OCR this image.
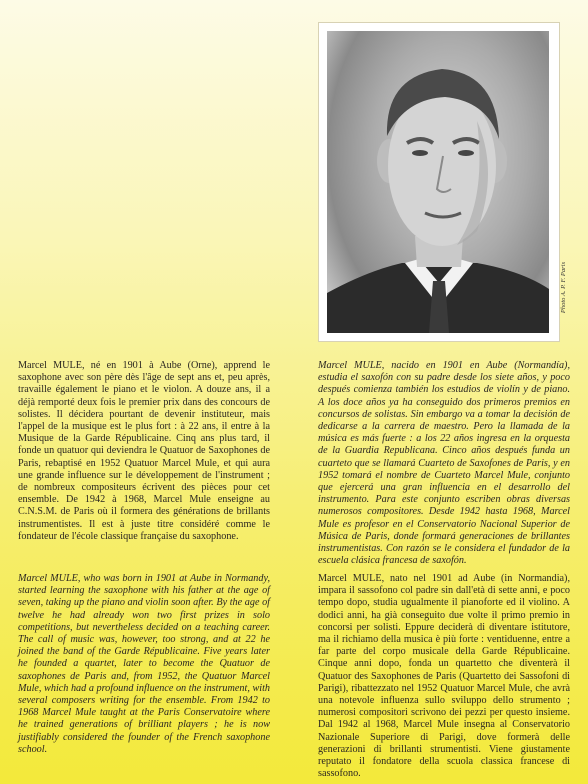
Photo A. P. F. Paris

Marcel MULE, né en 1901 à Aube (Orne), apprend le saxophone avec son père dès l'âge de sept ans et, peu après, travaille également le piano et le violon. A douze ans, il a déjà remporté deux fois le premier prix dans des concours de solistes. Il décidera pourtant de devenir instituteur, mais l'appel de la musique est le plus fort : à 22 ans, il entre à la Musique de la Garde Républicaine. Cinq ans plus tard, il fonde un quatuor qui deviendra le Quatuor de Saxophones de Paris, rebaptisé en 1952 Quatuor Marcel Mule, et qui aura une grande influence sur le développement de l'instrument ; de nombreux compositeurs écrivent des pièces pour cet ensemble. De 1942 à 1968, Marcel Mule enseigne au C.N.S.M. de Paris où il formera des générations de brillants instrumentistes. Il est à juste titre considéré comme le fondateur de l'école classique française du saxophone.

Marcel MULE, nacido en 1901 en Aube (Normandía), estudia el saxofón con su padre desde los siete años, y poco después comienza también los estudios de violín y de piano. A los doce años ya ha conseguido dos primeros premios en concursos de solistas. Sin embargo va a tomar la decisión de dedicarse a la carrera de maestro. Pero la llamada de la música es más fuerte : a los 22 años ingresa en la orquesta de la Guardia Republicana. Cinco años después funda un cuarteto que se llamará Cuarteto de Saxofones de Paris, y en 1952 tomará el nombre de Cuarteto Marcel Mule, conjunto que ejercerá una gran influencia en el desarrollo del instrumento. Para este conjunto escriben obras diversas numerosos compositores. Desde 1942 hasta 1968, Marcel Mule es profesor en el Conservatorio Nacional Superior de Música de Paris, donde formará generaciones de brillantes instrumentistas. Con razón se le considera el fundador de la escuela clásica francesa de saxofón.

Marcel MULE, who was born in 1901 at Aube in Normandy, started learning the saxophone with his father at the age of seven, taking up the piano and violin soon after. By the age of twelve he had already won two first prizes in solo competitions, but nevertheless decided on a teaching career. The call of music was, however, too strong, and at 22 he joined the band of the Garde Républicaine. Five years later he founded a quartet, later to become the Quatuor de saxophones de Paris and, from 1952, the Quatuor Marcel Mule, which had a profound influence on the instrument, with several composers writing for the ensemble. From 1942 to 1968 Marcel Mule taught at the Paris Conservatoire where he trained generations of brilliant players ; he is now justifiably considered the founder of the French saxophone school.

Marcel MULE, nato nel 1901 ad Aube (in Normandia), impara il sassofono col padre sin dall'età di sette anni, e poco tempo dopo, studia ugualmente il pianoforte ed il violino. A dodici anni, ha già conseguito due volte il primo premio in concorsi per solisti. Eppure deciderà di diventare istitutore, ma il richiamo della musica è più forte : ventiduenne, entre a far parte del corpo musicale della Garde Républicaine. Cinque anni dopo, fonda un quartetto che diventerà il Quatuor des Saxophones de Paris (Quartetto dei Sassofoni di Parigi), ribattezzato nel 1952 Quatuor Marcel Mule, che avrà una notevole influenza sullo sviluppo dello strumento ; numerosi compositori scrivono dei pezzi per questo insieme. Dal 1942 al 1968, Marcel Mule insegna al Conservatorio Nazionale Superiore di Parigi, dove formerà delle generazioni di brillanti strumentisti. Viene giustamente reputato il fondatore della scuola classica francese di sassofono.
